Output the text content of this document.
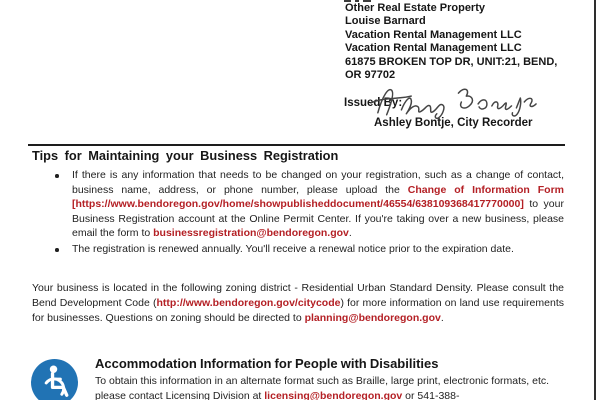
Other Real Estate Property
Louise Barnard
Vacation Rental Management LLC
Vacation Rental Management LLC
61875 BROKEN TOP DR, UNIT:21, BEND,
OR 97702
Issued By:
Ashley Bontje, City Recorder
Tips for Maintaining your Business Registration
If there is any information that needs to be changed on your registration, such as a change of contact, business name, address, or phone number, please upload the Change of Information Form [https://www.bendoregon.gov/home/showpublisheddocument/46554/638109368417770000] to your Business Registration account at the Online Permit Center. If you're taking over a new business, please email the form to businessregistration@bendoregon.gov.
The registration is renewed annually. You'll receive a renewal notice prior to the expiration date.
Your business is located in the following zoning district - Residential Urban Standard Density. Please consult the Bend Development Code (http://www.bendoregon.gov/citycode) for more information on land use requirements for businesses. Questions on zoning should be directed to planning@bendoregon.gov.
Accommodation Information for People with Disabilities
To obtain this information in an alternate format such as Braille, large print, electronic formats, etc. please contact Licensing Division at licensing@bendoregon.gov or 541-388-
